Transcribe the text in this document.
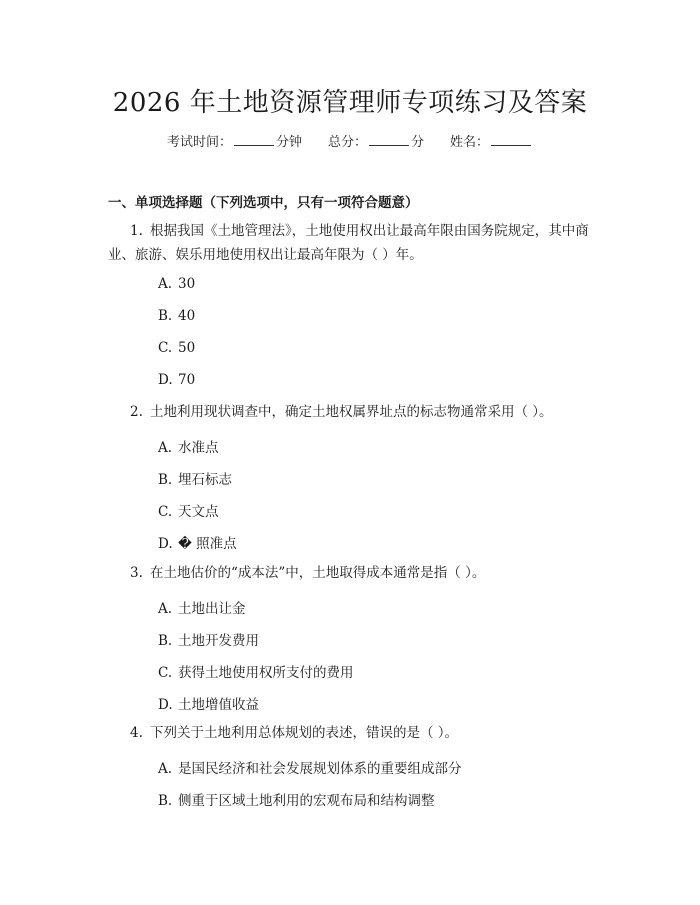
2026 年土地资源管理师专项练习及答案
考试时间：	分钟 总分：	分 姓名：
一、单项选择题（下列选项中，只有一项符合题意）
1. 根据我国《土地管理法》，土地使用权出让最高年限由国务院规定，其中商业、旅游、娱乐用地使用权出让最高年限为（ ）年。
A. 30
B. 40
C. 50
D. 70
2. 土地利用现状调查中，确定土地权属界址点的标志物通常采用（ ）。
A. 水准点
B. 埋石标志
C. 天文点
D. � 照准点
3. 在土地估价的“成本法”中，土地取得成本通常是指（ ）。
A. 土地出让金
B. 土地开发费用
C. 获得土地使用权所支付的费用
D. 土地增值收益
4. 下列关于土地利用总体规划的表述，错误的是（ ）。
A. 是国民经济和社会发展规划体系的重要组成部分
B. 侧重于区域土地利用的宏观布局和结构调整
